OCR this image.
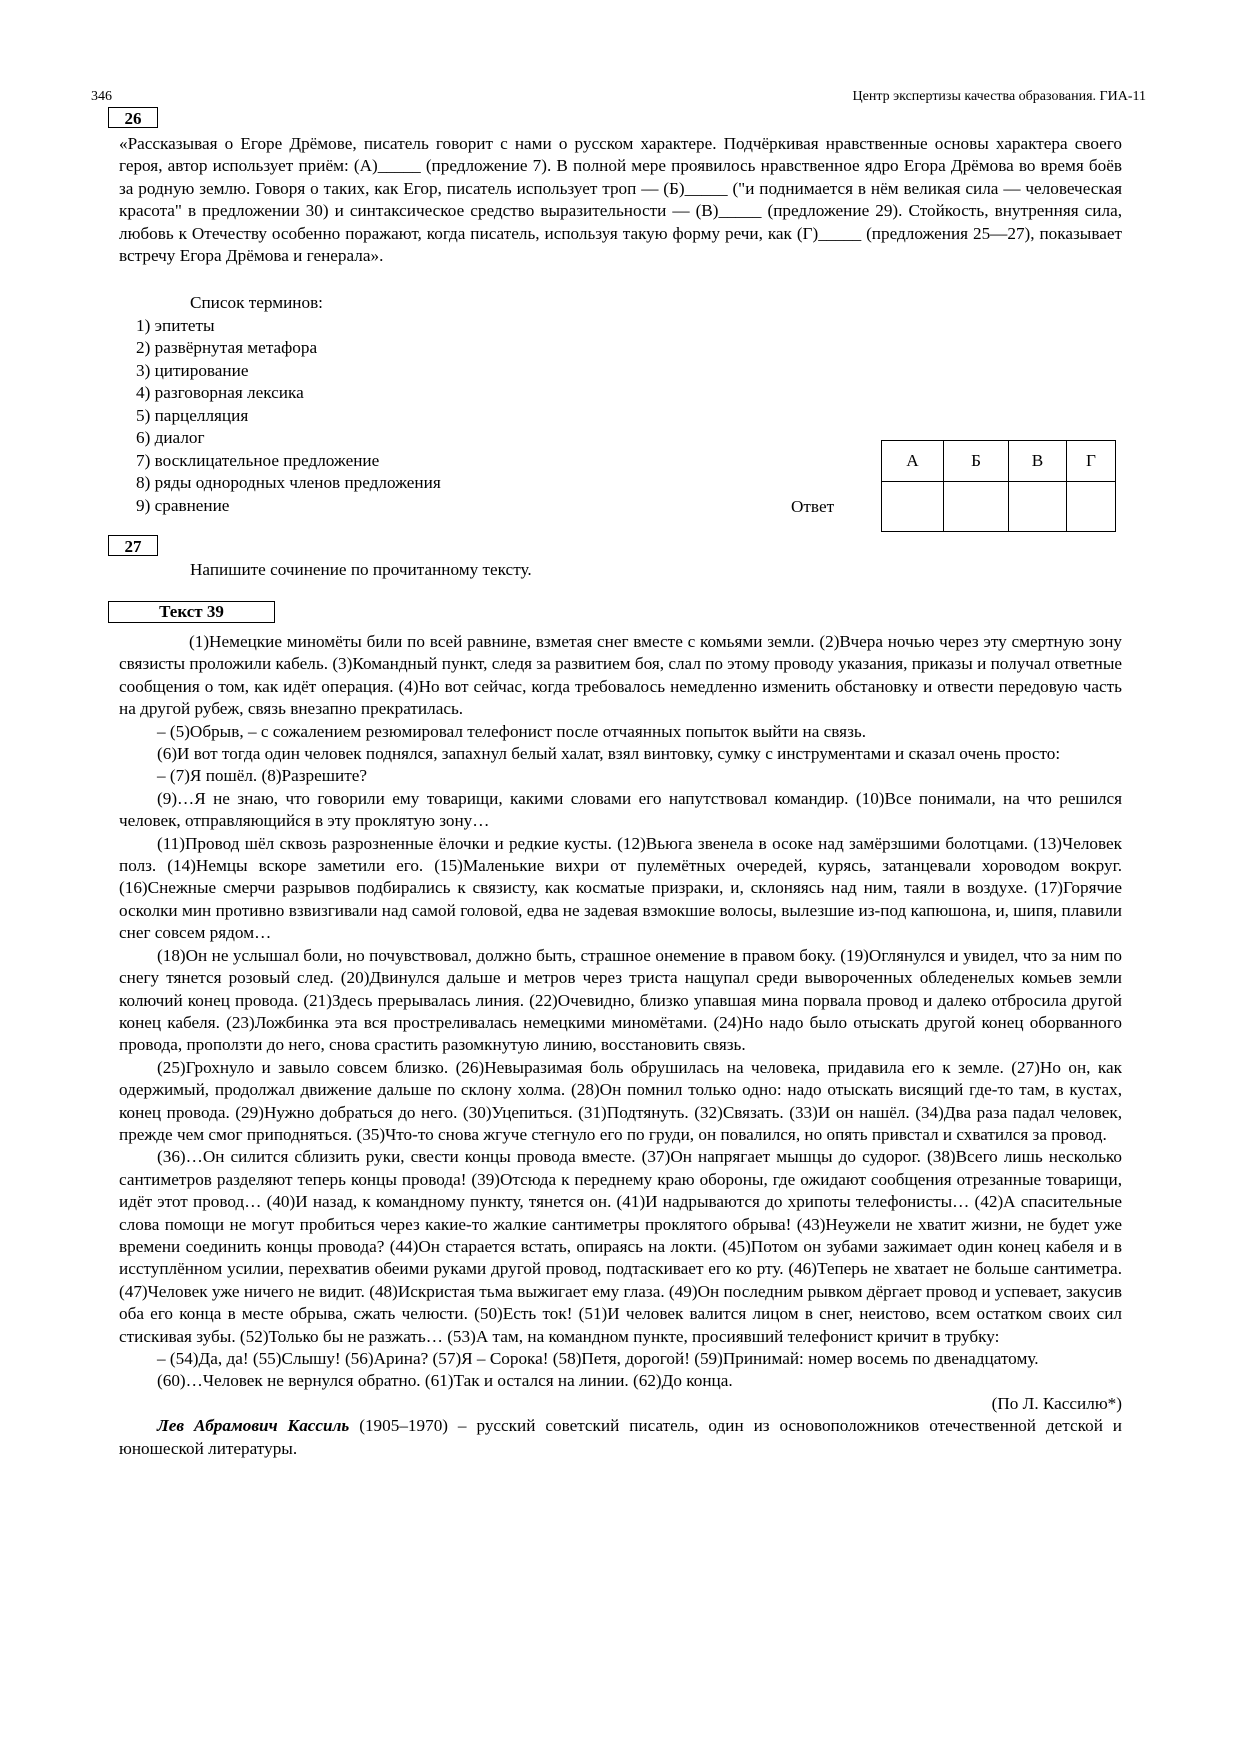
346	Центр экспертизы качества образования. ГИА-11
26

«Рассказывая о Егоре Дрёмове, писатель говорит с нами о русском характере. Подчёркивая нравственные основы характера своего героя, автор использует приём: (А)_____ (предложение 7). В полной мере проявилось нравственное ядро Егора Дрёмова во время боёв за родную землю. Говоря о таких, как Егор, писатель использует троп — (Б)_____ ("и поднимается в нём великая сила — человеческая красота" в предложении 30) и синтаксическое средство выразительности — (В)_____ (предложение 29). Стойкость, внутренняя сила, любовь к Отечеству особенно поражают, когда писатель, используя такую форму речи, как (Г)_____ (предложения 25—27), показывает встречу Егора Дрёмова и генерала».

Список терминов:
1) эпитеты
2) развёрнутая метафора
3) цитирование
4) разговорная лексика
5) парцелляция
6) диалог
7) восклицательное предложение
8) ряды однородных членов предложения
9) сравнение	Ответ
А	Б	В	Г

27
Напишите сочинение по прочитанному тексту.
Текст 39

(1)Немецкие миномёты били по всей равнине, взметая снег вместе с комьями земли. (2)Вчера ночью через эту смертную зону связисты проложили кабель. (3)Командный пункт, следя за развитием боя, слал по этому проводу указания, приказы и получал ответные сообщения о том, как идёт операция. (4)Но вот сейчас, когда требовалось немедленно изменить обстановку и отвести передовую часть на другой рубеж, связь внезапно прекратилась.

– (5)Обрыв, – с сожалением резюмировал телефонист после отчаянных попыток выйти на связь.

(6)И вот тогда один человек поднялся, запахнул белый халат, взял винтовку, сумку с инструментами и сказал очень просто:

– (7)Я пошёл. (8)Разрешите?

(9)…Я не знаю, что говорили ему товарищи, какими словами его напутствовал командир. (10)Все понимали, на что решился человек, отправляющийся в эту проклятую зону…

(11)Провод шёл сквозь разрозненные ёлочки и редкие кусты. (12)Вьюга звенела в осоке над замёрзшими болотцами. (13)Человек полз. (14)Немцы вскоре заметили его. (15)Маленькие вихри от пулемётных очередей, курясь, затанцевали хороводом вокруг. (16)Снежные смерчи разрывов подбирались к связисту, как косматые призраки, и, склоняясь над ним, таяли в воздухе. (17)Горячие осколки мин противно взвизгивали над самой головой, едва не задевая взмокшие волосы, вылезшие из-под капюшона, и, шипя, плавили снег совсем рядом…

(18)Он не услышал боли, но почувствовал, должно быть, страшное онемение в правом боку. (19)Оглянулся и увидел, что за ним по снегу тянется розовый след. (20)Двинулся дальше и метров через триста нащупал среди вывороченных обледенелых комьев земли колючий конец провода. (21)Здесь прерывалась линия. (22)Очевидно, близко упавшая мина порвала провод и далеко отбросила другой конец кабеля. (23)Ложбинка эта вся простреливалась немецкими миномётами. (24)Но надо было отыскать другой конец оборванного провода, проползти до него, снова срастить разомкнутую линию, восстановить связь.

(25)Грохнуло и завыло совсем близко. (26)Невыразимая боль обрушилась на человека, придавила его к земле. (27)Но он, как одержимый, продолжал движение дальше по склону холма. (28)Он помнил только одно: надо отыскать висящий где-то там, в кустах, конец провода. (29)Нужно добраться до него. (30)Уцепиться. (31)Подтянуть. (32)Связать. (33)И он нашёл. (34)Два раза падал человек, прежде чем смог приподняться. (35)Что-то снова жгуче стегнуло его по груди, он повалился, но опять привстал и схватился за провод.

(36)…Он силится сблизить руки, свести концы провода вместе. (37)Он напрягает мышцы до судорог. (38)Всего лишь несколько сантиметров разделяют теперь концы провода! (39)Отсюда к переднему краю обороны, где ожидают сообщения отрезанные товарищи, идёт этот провод… (40)И назад, к командному пункту, тянется он. (41)И надрываются до хрипоты телефонисты… (42)А спасительные слова помощи не могут пробиться через какие-то жалкие сантиметры проклятого обрыва! (43)Неужели не хватит жизни, не будет уже времени соединить концы провода? (44)Он старается встать, опираясь на локти. (45)Потом он зубами зажимает один конец кабеля и в исступлённом усилии, перехватив обеими руками другой провод, подтаскивает его ко рту. (46)Теперь не хватает не больше сантиметра. (47)Человек уже ничего не видит. (48)Искристая тьма выжигает ему глаза. (49)Он последним рывком дёргает провод и успевает, закусив оба его конца в месте обрыва, сжать челюсти. (50)Есть ток! (51)И человек валится лицом в снег, неистово, всем остатком своих сил стискивая зубы. (52)Только бы не разжать… (53)А там, на командном пункте, просиявший телефонист кричит в трубку:

– (54)Да, да! (55)Слышу! (56)Арина? (57)Я – Сорока! (58)Петя, дорогой! (59)Принимай: номер восемь по двенадцатому.

(60)…Человек не вернулся обратно. (61)Так и остался на линии. (62)До конца.

(По Л. Кассилю*)

Лев Абрамович Кассиль (1905–1970) – русский советский писатель, один из основоположников отечественной детской и юношеской литературы.
